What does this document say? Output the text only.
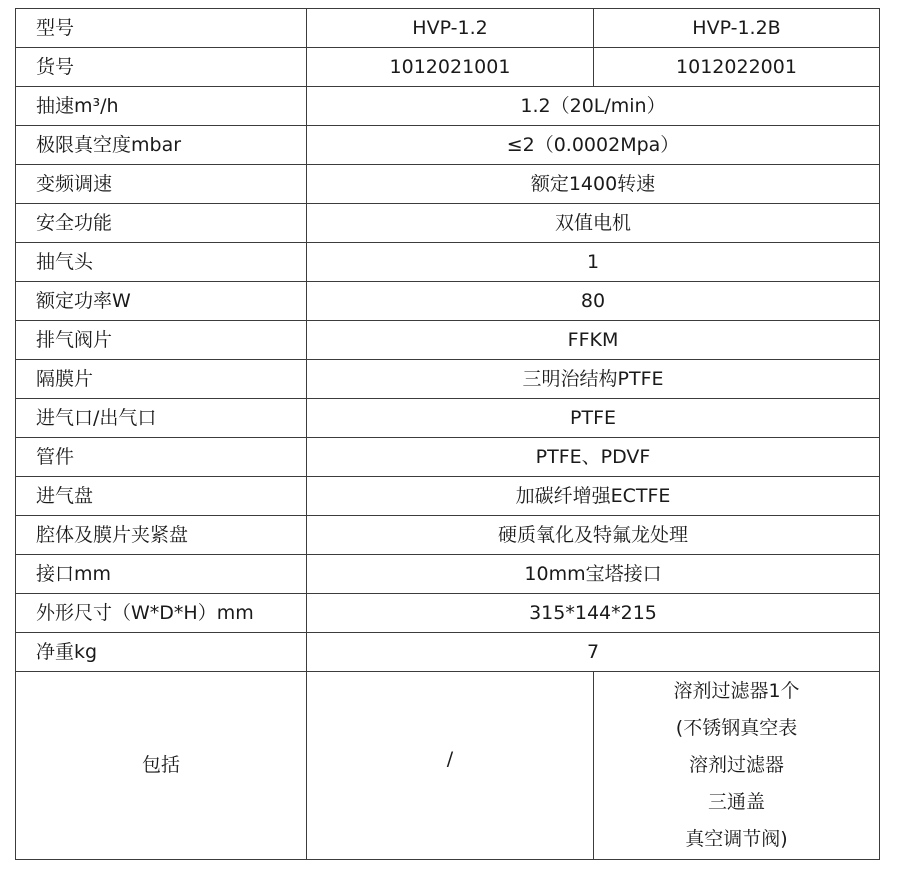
型号	HVP-1.2	HVP-1.2B
货号	1012021001	1012022001
抽速m³/h	1.2（20L/min）	
极限真空度mbar	≤2（0.0002Mpa）	
变频调速	额定1400转速	
安全功能	双值电机	
抽气头	1	
额定功率W	80	
排气阀片	FFKM	
隔膜片	三明治结构PTFE	
进气口/出气口	PTFE	
管件	PTFE、PDVF	
进气盘	加碳纤增强ECTFE	
腔体及膜片夹紧盘	硬质氧化及特氟龙处理	
接口mm	10mm宝塔接口	
外形尺寸（W*D*H）mm	315*144*215	
净重kg	7	
包括	/	溶剂过滤器1个
(不锈钢真空表
溶剂过滤器
三通盖
真空调节阀)
